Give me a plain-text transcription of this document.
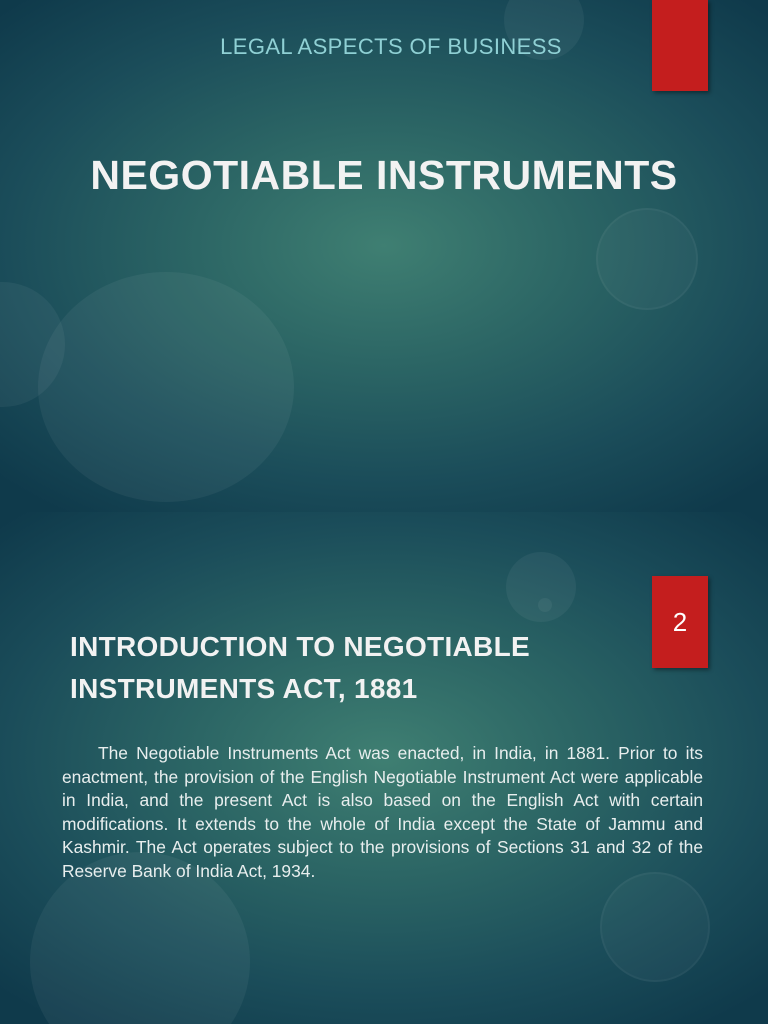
LEGAL ASPECTS OF BUSINESS
NEGOTIABLE INSTRUMENTS
2
INTRODUCTION TO NEGOTIABLE INSTRUMENTS ACT, 1881

The Negotiable Instruments Act was enacted, in India, in 1881. Prior to its enactment, the provision of the English Negotiable Instrument Act were applicable in India, and the present Act is also based on the English Act with certain modifications. It extends to the whole of India except the State of Jammu and Kashmir. The Act operates subject to the provisions of Sections 31 and 32 of the Reserve Bank of India Act, 1934.
